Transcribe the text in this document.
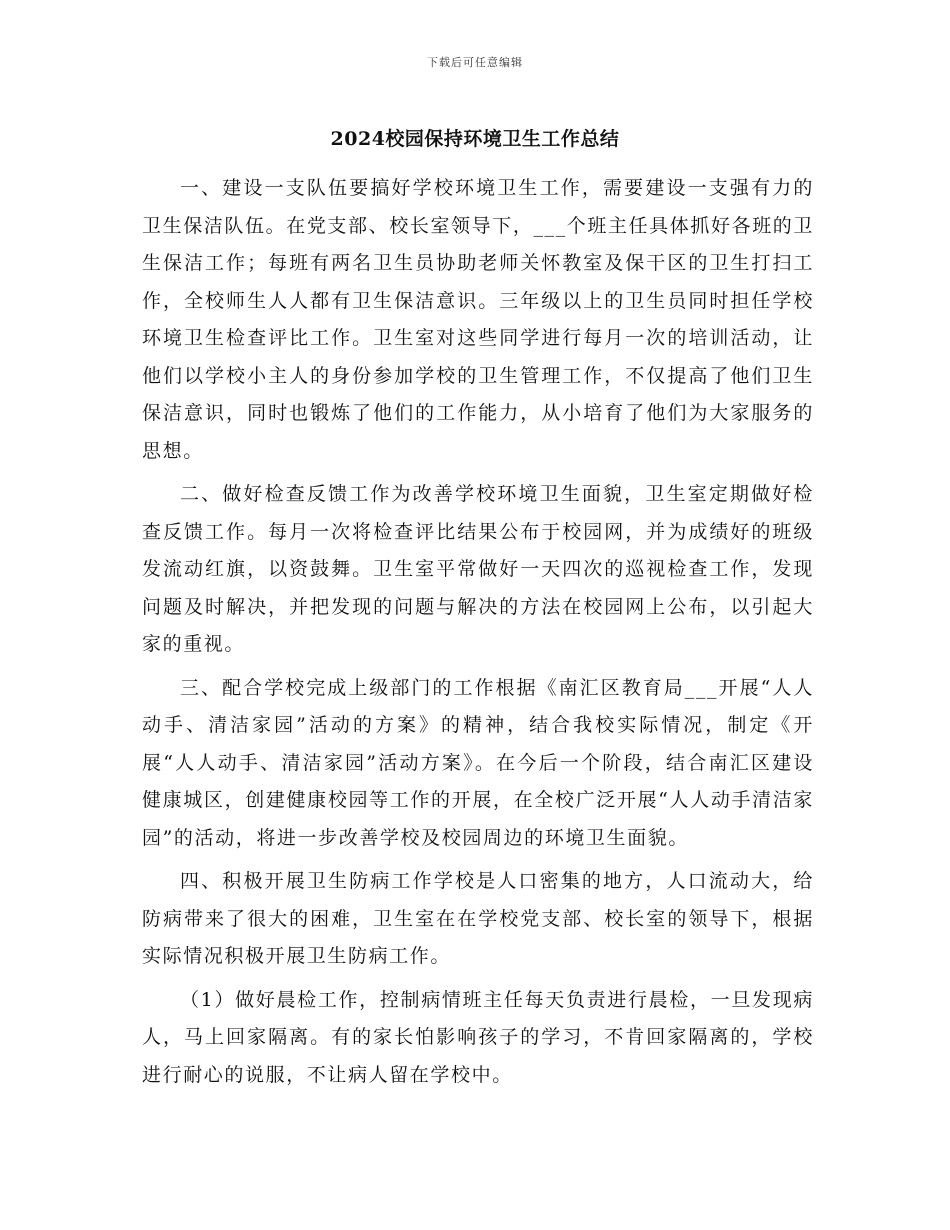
下载后可任意编辑
2024校园保持环境卫生工作总结

一、建设一支队伍要搞好学校环境卫生工作，需要建设一支强有力的卫生保洁队伍。在党支部、校长室领导下，___个班主任具体抓好各班的卫生保洁工作；每班有两名卫生员协助老师关怀教室及保干区的卫生打扫工作，全校师生人人都有卫生保洁意识。三年级以上的卫生员同时担任学校环境卫生检查评比工作。卫生室对这些同学进行每月一次的培训活动，让他们以学校小主人的身份参加学校的卫生管理工作，不仅提高了他们卫生保洁意识，同时也锻炼了他们的工作能力，从小培育了他们为大家服务的思想。

二、做好检查反馈工作为改善学校环境卫生面貌，卫生室定期做好检查反馈工作。每月一次将检查评比结果公布于校园网，并为成绩好的班级发流动红旗，以资鼓舞。卫生室平常做好一天四次的巡视检查工作，发现问题及时解决，并把发现的问题与解决的方法在校园网上公布，以引起大家的重视。

三、配合学校完成上级部门的工作根据《南汇区教育局___开展“人人动手、清洁家园”活动的方案》的精神，结合我校实际情况，制定《开展“人人动手、清洁家园”活动方案》。在今后一个阶段，结合南汇区建设健康城区，创建健康校园等工作的开展，在全校广泛开展“人人动手清洁家园”的活动，将进一步改善学校及校园周边的环境卫生面貌。

四、积极开展卫生防病工作学校是人口密集的地方，人口流动大，给防病带来了很大的困难，卫生室在在学校党支部、校长室的领导下，根据实际情况积极开展卫生防病工作。

（1）做好晨检工作，控制病情班主任每天负责进行晨检，一旦发现病人，马上回家隔离。有的家长怕影响孩子的学习，不肯回家隔离的，学校进行耐心的说服，不让病人留在学校中。
